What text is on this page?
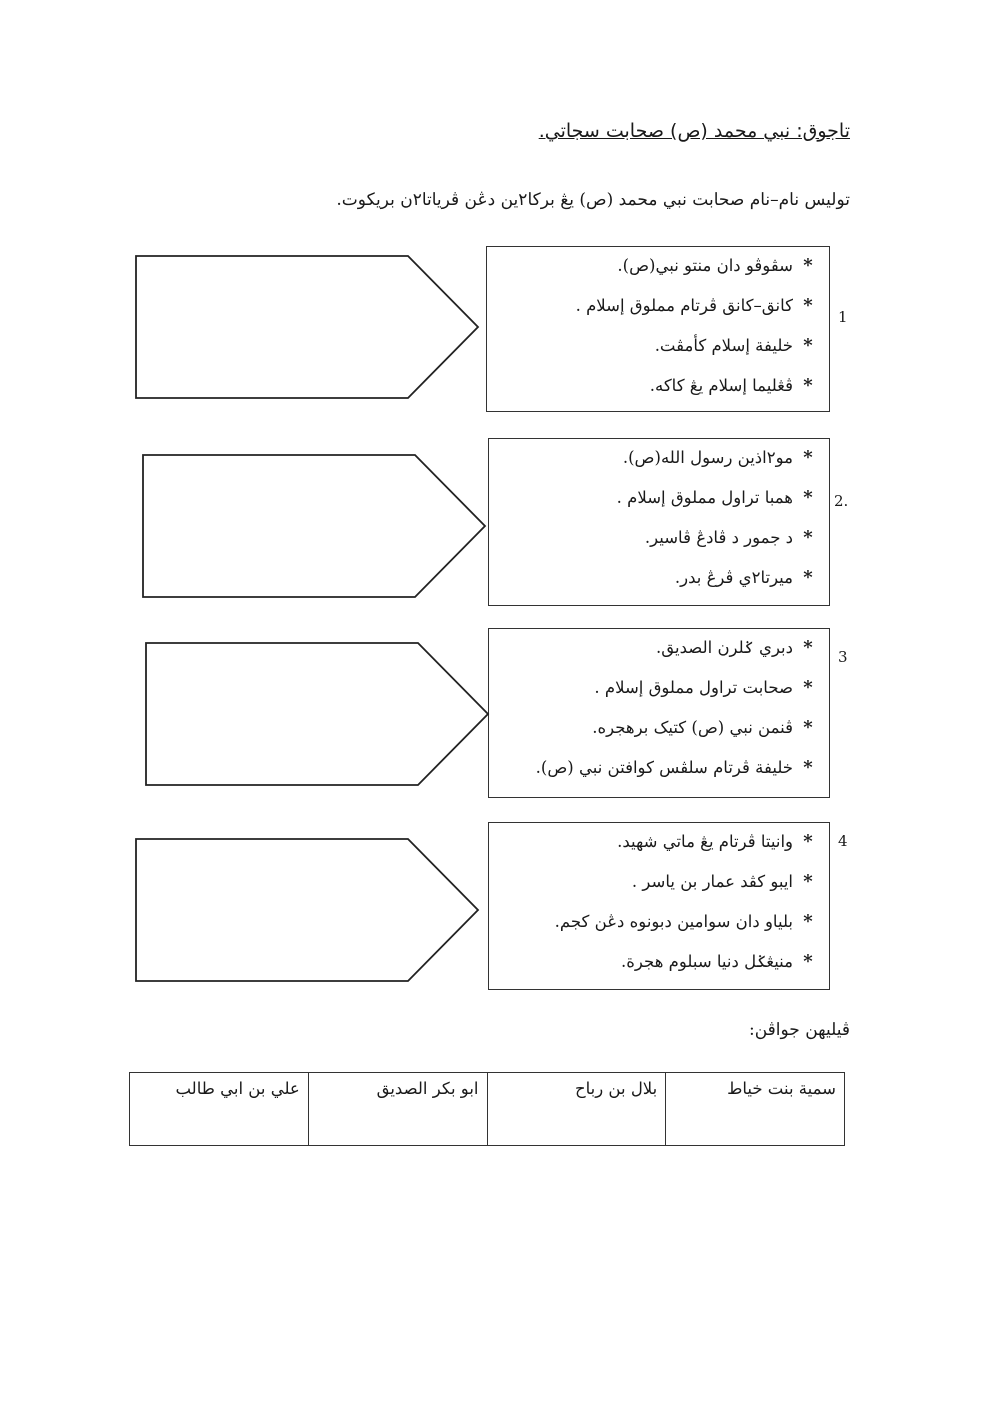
تاجوق: نبي محمد (ص) صحابت سجاتي.
توليس نام–نام صحابت نبي محمد (ص) يڠ بركا٢ين دڠن ڤرياتا٢ن بريكوت.
1
*
سڤوڤو دان منتو نبي(ص).
*
كانق–كانق ڤرتام مملوق إسلام .
*
خليفة إسلام كأمڤت.
*
ڤڠليما إسلام يڠ كاكه.
2.
*
مو٢اذين رسول الله(ص).
*
همبا تراول مملوق إسلام .
*
د جمور د ڤادڠ ڤاسير.
*
ميرتا٢ي ڤرڠ بدر.
3
*
دبري ݢلرن الصديق.
*
صحابت تراول مملوق إسلام .
*
ڤنمن نبي (ص) كتيک برهجره.
*
خليفة ڤرتام سلڤس كوافتن نبي (ص).
4
*
وانيتا ڤرتام يڠ ماتي شهيد.
*
ايبو كڤد عمار بن ياسر .
*
بلياو دان سوامين دبونوه دڠن كجم.
*
منيڠݢل دنيا سبلوم هجرة.
ڤيليهن جواڤن:
سمية بنت خياط	بلال بن رباح	ابو بكر الصديق	علي بن ابي طالب
